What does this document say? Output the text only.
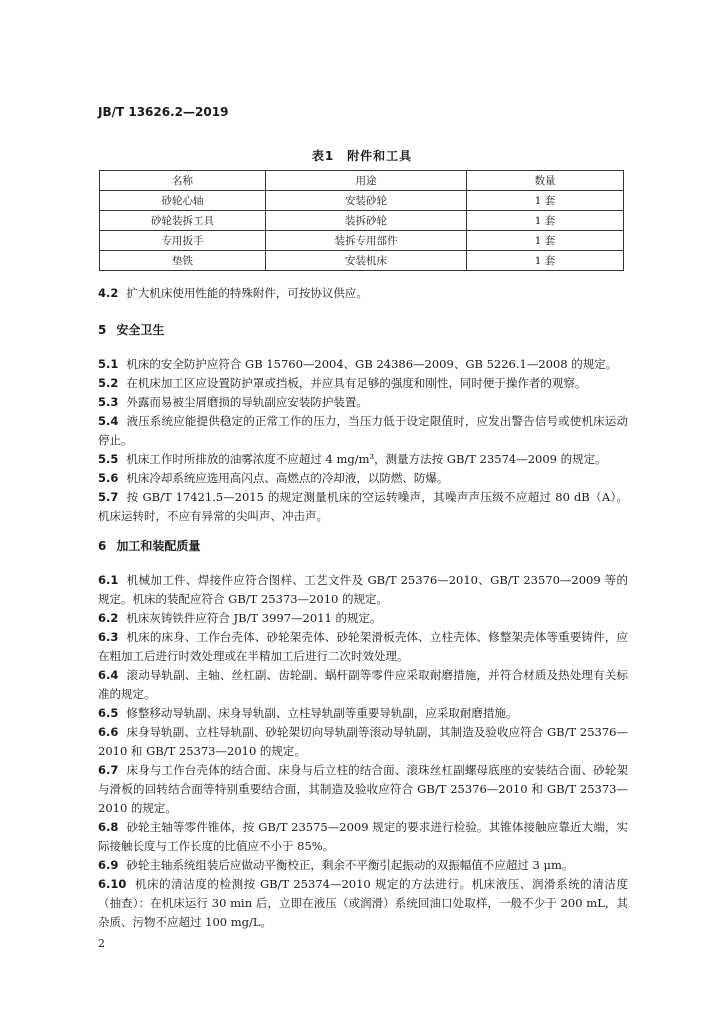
JB/T 13626.2—2019
表1　附件和工具
名称	用途	数量
砂轮心轴	安装砂轮	1 套
砂轮装拆工具	装拆砂轮	1 套
专用扳手	装拆专用部件	1 套
垫铁	安装机床	1 套

4.2 扩大机床使用性能的特殊附件，可按协议供应。

5 安全卫生

5.1 机床的安全防护应符合 GB 15760—2004、GB 24386—2009、GB 5226.1—2008 的规定。

5.2 在机床加工区应设置防护罩或挡板，并应具有足够的强度和刚性，同时便于操作者的观察。

5.3 外露而易被尘屑磨损的导轨副应安装防护装置。

5.4 液压系统应能提供稳定的正常工作的压力，当压力低于设定限值时，应发出警告信号或使机床运动停止。

5.5 机床工作时所排放的油雾浓度不应超过 4 mg/m³，测量方法按 GB/T 23574—2009 的规定。

5.6 机床冷却系统应选用高闪点、高燃点的冷却液，以防燃、防爆。

5.7 按 GB/T 17421.5—2015 的规定测量机床的空运转噪声，其噪声声压级不应超过 80 dB（A）。机床运转时，不应有异常的尖叫声、冲击声。

6 加工和装配质量

6.1 机械加工件、焊接件应符合图样、工艺文件及 GB/T 25376—2010、GB/T 23570—2009 等的规定。机床的装配应符合 GB/T 25373—2010 的规定。

6.2 机床灰铸铁件应符合 JB/T 3997—2011 的规定。

6.3 机床的床身、工作台壳体、砂轮架壳体、砂轮架滑板壳体、立柱壳体、修整架壳体等重要铸件，应在粗加工后进行时效处理或在半精加工后进行二次时效处理。

6.4 滚动导轨副、主轴、丝杠副、齿轮副、蜗杆副等零件应采取耐磨措施，并符合材质及热处理有关标准的规定。

6.5 修整移动导轨副、床身导轨副、立柱导轨副等重要导轨副，应采取耐磨措施。

6.6 床身导轨副、立柱导轨副、砂轮架切向导轨副等滚动导轨副，其制造及验收应符合 GB/T 25376—2010 和 GB/T 25373—2010 的规定。

6.7 床身与工作台壳体的结合面、床身与后立柱的结合面、滚珠丝杠副螺母底座的安装结合面、砂轮架与滑板的回转结合面等特别重要结合面，其制造及验收应符合 GB/T 25376—2010 和 GB/T 25373—2010 的规定。

6.8 砂轮主轴等零件锥体，按 GB/T 23575—2009 规定的要求进行检验。其锥体接触应靠近大端，实际接触长度与工作长度的比值应不小于 85%。

6.9 砂轮主轴系统组装后应做动平衡校正，剩余不平衡引起振动的双振幅值不应超过 3 μm。

6.10 机床的清洁度的检测按 GB/T 25374—2010 规定的方法进行。机床液压、润滑系统的清洁度（抽查）：在机床运行 30 min 后，立即在液压（或润滑）系统回油口处取样，一般不少于 200 mL，其杂质、污物不应超过 100 mg/L。

2
